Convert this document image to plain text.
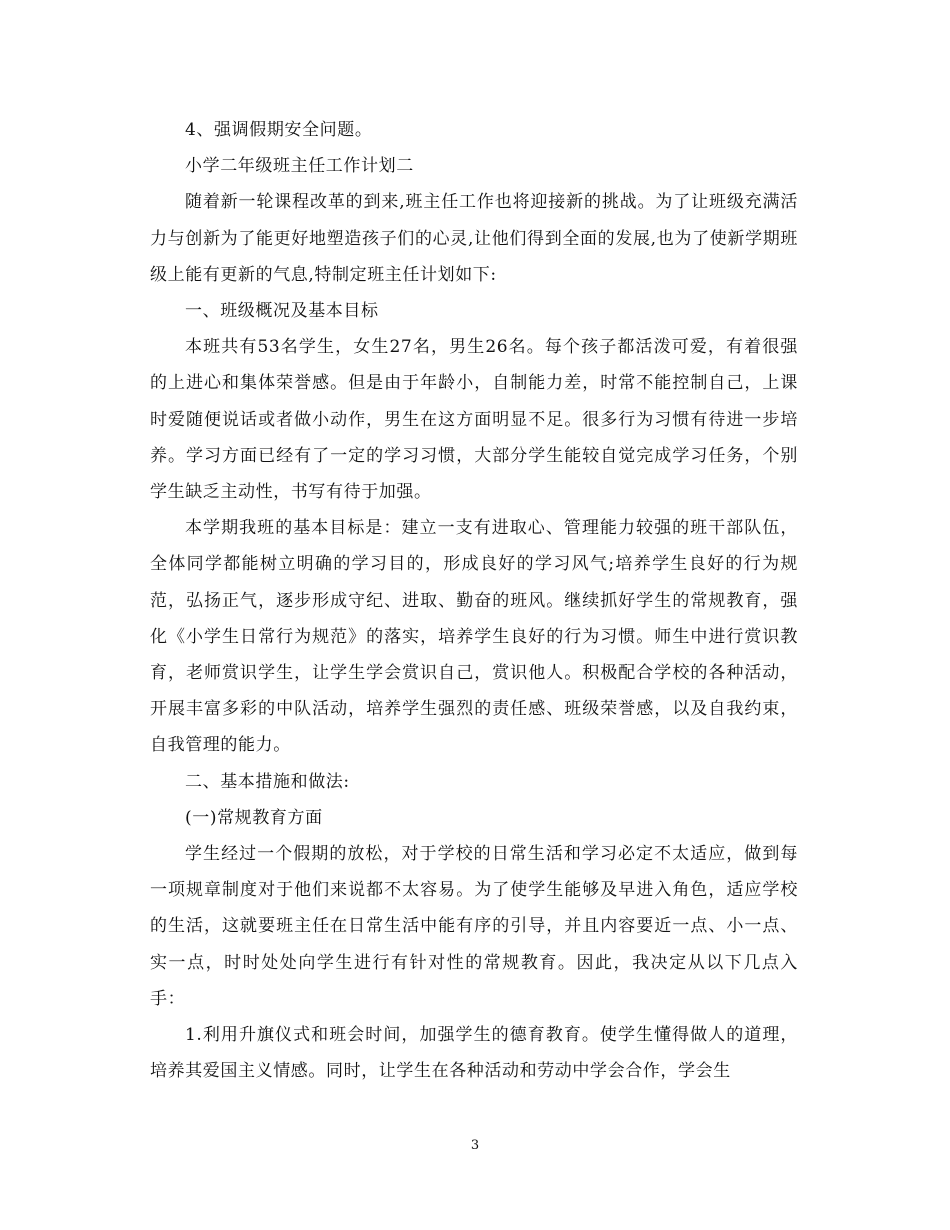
4、强调假期安全问题。

小学二年级班主任工作计划二

随着新一轮课程改革的到来,班主任工作也将迎接新的挑战。为了让班级充满活力与创新为了能更好地塑造孩子们的心灵,让他们得到全面的发展,也为了使新学期班级上能有更新的气息,特制定班主任计划如下:

一、班级概况及基本目标

本班共有53名学生，女生27名，男生26名。每个孩子都活泼可爱，有着很强的上进心和集体荣誉感。但是由于年龄小，自制能力差，时常不能控制自己，上课时爱随便说话或者做小动作，男生在这方面明显不足。很多行为习惯有待进一步培养。学习方面已经有了一定的学习习惯，大部分学生能较自觉完成学习任务，个别学生缺乏主动性，书写有待于加强。

本学期我班的基本目标是：建立一支有进取心、管理能力较强的班干部队伍，全体同学都能树立明确的学习目的，形成良好的学习风气;培养学生良好的行为规范，弘扬正气，逐步形成守纪、进取、勤奋的班风。继续抓好学生的常规教育，强化《小学生日常行为规范》的落实，培养学生良好的行为习惯。师生中进行赏识教育，老师赏识学生，让学生学会赏识自己，赏识他人。积极配合学校的各种活动，开展丰富多彩的中队活动，培养学生强烈的责任感、班级荣誉感，以及自我约束，自我管理的能力。

二、基本措施和做法:

(一)常规教育方面

学生经过一个假期的放松，对于学校的日常生活和学习必定不太适应，做到每一项规章制度对于他们来说都不太容易。为了使学生能够及早进入角色，适应学校的生活，这就要班主任在日常生活中能有序的引导，并且内容要近一点、小一点、实一点，时时处处向学生进行有针对性的常规教育。因此，我决定从以下几点入手：

1.利用升旗仪式和班会时间，加强学生的德育教育。使学生懂得做人的道理，培养其爱国主义情感。同时，让学生在各种活动和劳动中学会合作，学会生

3
